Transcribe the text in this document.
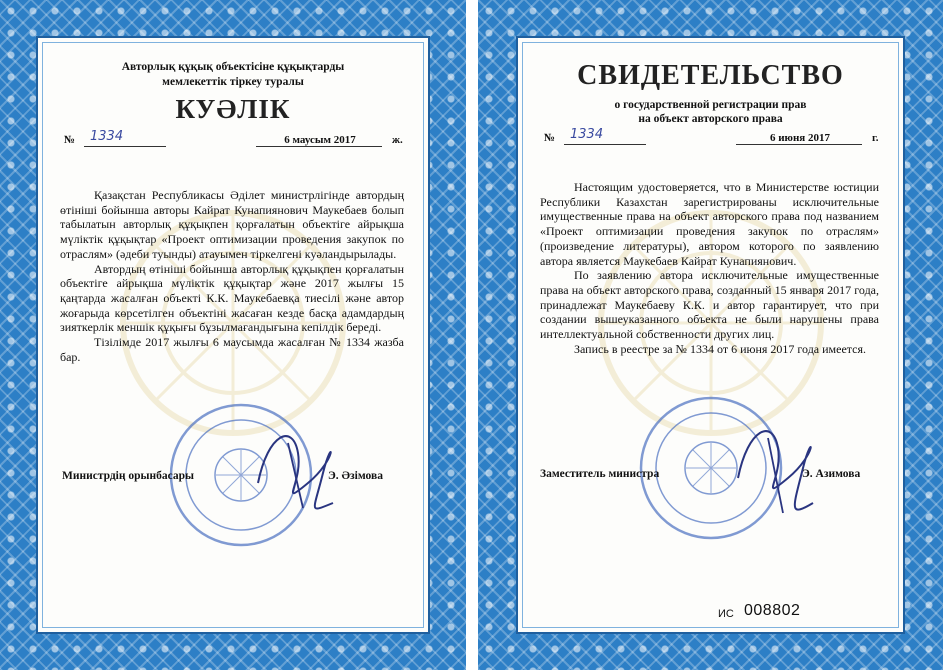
Авторлық құқық объектісіне құқықтарды
мемлекеттік тіркеу туралы
КУӘЛІК
№ 1334	6 маусым 2017	ж.

Қазақстан Республикасы Әділет министрлігінде автордың өтініші бойынша авторы Кайрат Кунапиянович Маукебаев болып табылатын авторлық құқықпен қорғалатын объектіге айрықша мүліктік құқықтар «Проект оптимизации проведения закупок по отраслям» (әдеби туынды) атауымен тіркелгені куәландырылады.

Автордың өтініші бойынша авторлық құқықпен қорғалатын объектіге айрықша мүліктік құқықтар және 2017 жылғы 15 қаңтарда жасалған объекті К.К. Маукебаевқа тиесілі және автор жоғарыда көрсетілген объектіні жасаған кезде басқа адамдардың зияткерлік меншік құқығы бұзылмағандығына кепілдік береді.

Тізілімде 2017 жылғы 6 маусымда жасалған № 1334 жазба бар.

Министрдің орынбасары	Э. Әзімова
СВИДЕТЕЛЬСТВО
о государственной регистрации прав
на объект авторского права
№ 1334	6 июня 2017	г.

Настоящим удостоверяется, что в Министерстве юстиции Республики Казахстан зарегистрированы исключительные имущественные права на объект авторского права под названием «Проект оптимизации проведения закупок по отраслям» (произведение литературы), автором которого по заявлению автора является Маукебаев Кайрат Кунапиянович.

По заявлению автора исключительные имущественные права на объект авторского права, созданный 15 января 2017 года, принадлежат Маукебаеву К.К. и автор гарантирует, что при создании вышеуказанного объекта не были нарушены права интеллектуальной собственности других лиц.

Запись в реестре за № 1334 от 6 июня 2017 года имеется.

Заместитель министра	Э. Азимова
ИС 008802
